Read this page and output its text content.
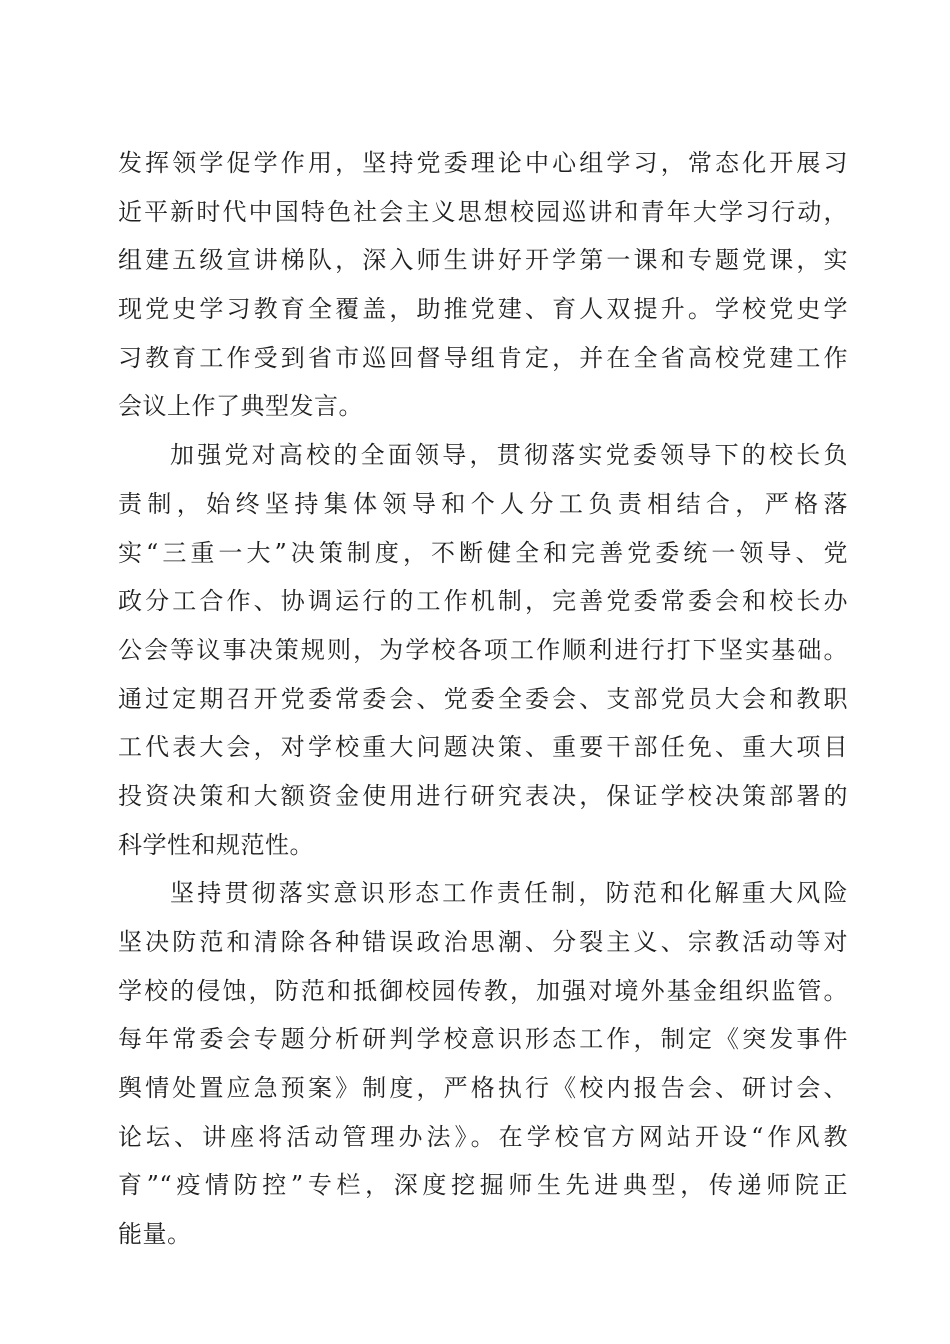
发挥领学促学作用，坚持党委理论中心组学习，常态化开展习
近平新时代中国特色社会主义思想校园巡讲和青年大学习行动，
组建五级宣讲梯队，深入师生讲好开学第一课和专题党课，实
现党史学习教育全覆盖，助推党建、育人双提升。学校党史学
习教育工作受到省市巡回督导组肯定，并在全省高校党建工作
会议上作了典型发言。
加强党对高校的全面领导，贯彻落实党委领导下的校长负
责制，始终坚持集体领导和个人分工负责相结合，严格落
实“三重一大”决策制度，不断健全和完善党委统一领导、党
政分工合作、协调运行的工作机制，完善党委常委会和校长办
公会等议事决策规则，为学校各项工作顺利进行打下坚实基础。
通过定期召开党委常委会、党委全委会、支部党员大会和教职
工代表大会，对学校重大问题决策、重要干部任免、重大项目
投资决策和大额资金使用进行研究表决，保证学校决策部署的
科学性和规范性。
坚持贯彻落实意识形态工作责任制，防范和化解重大风险
坚决防范和清除各种错误政治思潮、分裂主义、宗教活动等对
学校的侵蚀，防范和抵御校园传教，加强对境外基金组织监管。
每年常委会专题分析研判学校意识形态工作，制定《突发事件
舆情处置应急预案》制度，严格执行《校内报告会、研讨会、
论坛、讲座将活动管理办法》。在学校官方网站开设“作风教
育”“疫情防控”专栏，深度挖掘师生先进典型，传递师院正
能量。
